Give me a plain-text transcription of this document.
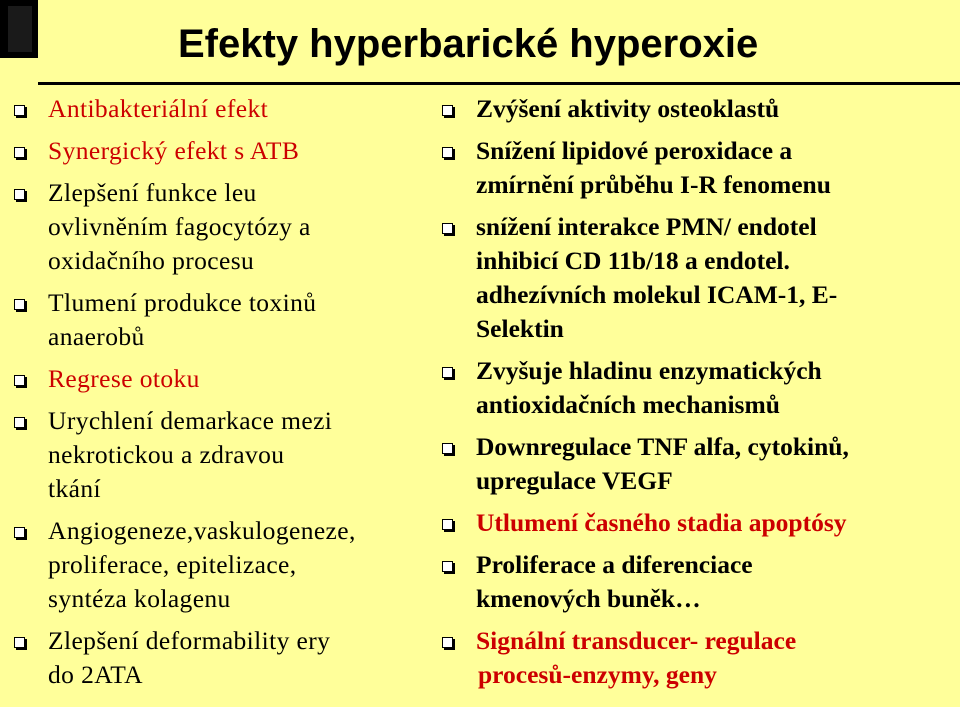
Efekty hyperbarické hyperoxie
Antibakteriální efekt
Synergický efekt s ATB
Zlepšení funkce leu
ovlivněním fagocytózy a
oxidačního procesu
Tlumení produkce toxinů
anaerobů
Regrese otoku
Urychlení demarkace mezi
nekrotickou a zdravou
tkání
Angiogeneze,vaskulogeneze,
proliferace, epitelizace,
syntéza kolagenu
Zlepšení deformability ery
do 2ATA
Zvýšení aktivity osteoklastů
Snížení lipidové peroxidace a
zmírnění průběhu I-R fenomenu
snížení interakce PMN/ endotel
inhibicí CD 11b/18 a endotel.
adhezívních molekul ICAM-1, E-
Selektin
Zvyšuje hladinu enzymatických
antioxidačních mechanismů
Downregulace TNF alfa, cytokinů,
upregulace VEGF
Utlumení časného stadia apoptósy
Proliferace a diferenciace
kmenových buněk…
Signální transducer- regulace
procesů-enzymy, geny
